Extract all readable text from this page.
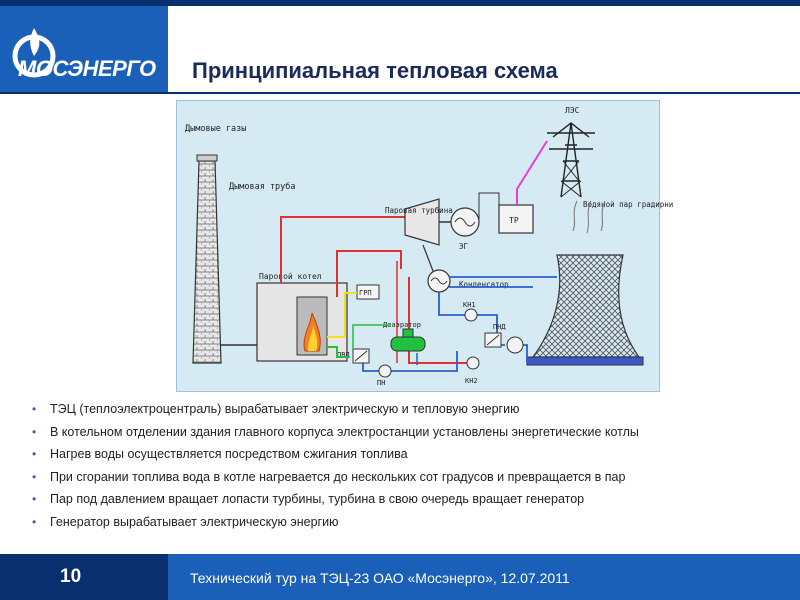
МОСЭНЕРГО Принципиальная тепловая схема
Дымовые газы
Дымовая труба
Паровой котел
Паровая турбина
ЭГ
ТР
ЛЭС
Водяной пар градирни
Конденсатор
КН1
КН2
ПН
ПНД
Деаэратор
ПВД
ГРП
• ТЭЦ (теплоэлектроцентраль) вырабатывает электрическую и тепловую энергию
• В котельном отделении здания главного корпуса электростанции установлены энергетические котлы
• Нагрев воды осуществляется посредством сжигания топлива
• При сгорании топлива вода в котле нагревается до нескольких сот градусов и превращается в пар
• Пар под давлением вращает лопасти турбины, турбина в свою очередь вращает генератор
• Генератор вырабатывает электрическую энергию
10	Технический тур на ТЭЦ-23 ОАО «Мосэнерго», 12.07.2011
